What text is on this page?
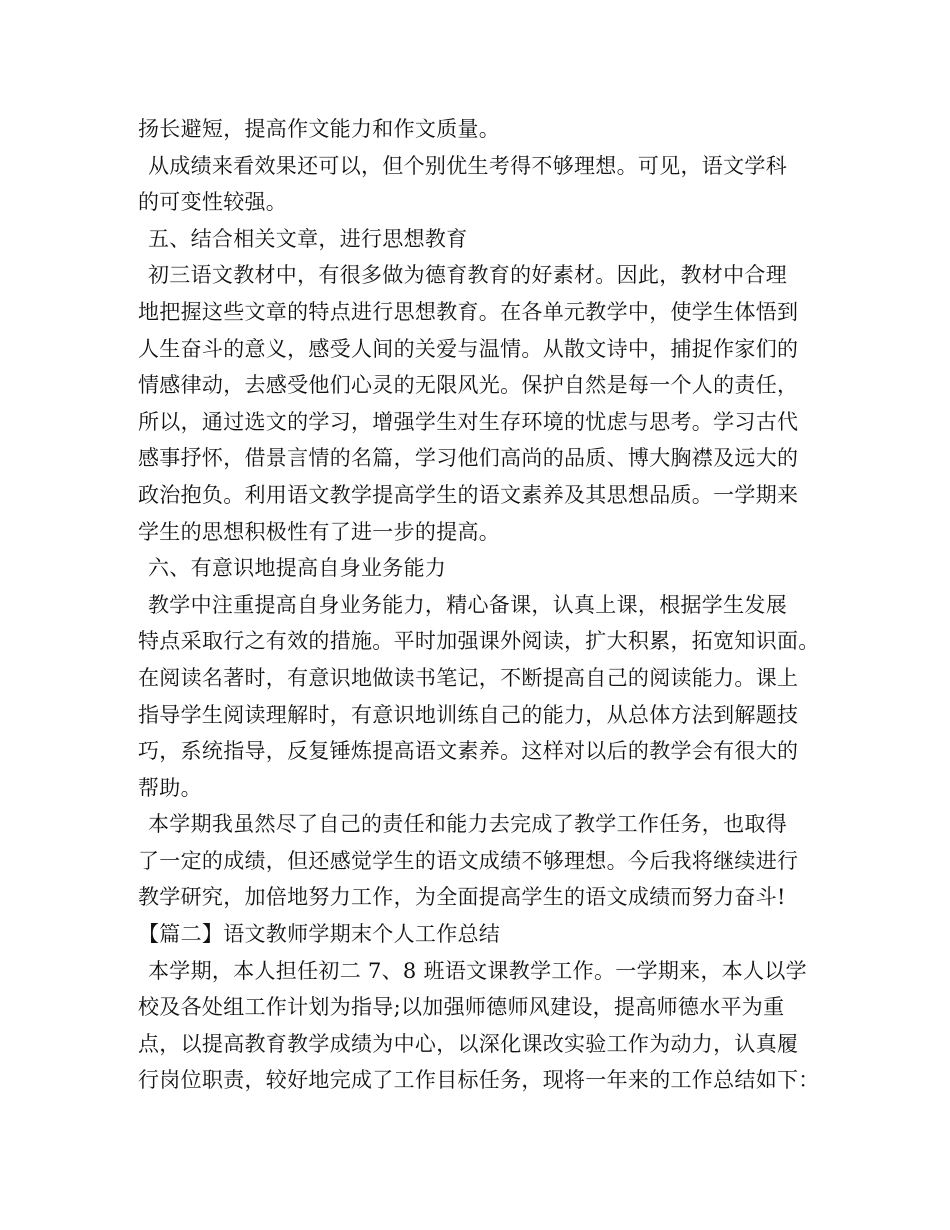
扬长避短，提高作文能力和作文质量。
从成绩来看效果还可以，但个别优生考得不够理想。可见，语文学科
的可变性较强。
五、结合相关文章，进行思想教育
初三语文教材中，有很多做为德育教育的好素材。因此，教材中合理
地把握这些文章的特点进行思想教育。在各单元教学中，使学生体悟到
人生奋斗的意义，感受人间的关爱与温情。从散文诗中，捕捉作家们的
情感律动，去感受他们心灵的无限风光。保护自然是每一个人的责任，
所以，通过选文的学习，增强学生对生存环境的忧虑与思考。学习古代
感事抒怀，借景言情的名篇，学习他们高尚的品质、博大胸襟及远大的
政治抱负。利用语文教学提高学生的语文素养及其思想品质。一学期来
学生的思想积极性有了进一步的提高。
六、有意识地提高自身业务能力
教学中注重提高自身业务能力，精心备课，认真上课，根据学生发展
特点采取行之有效的措施。平时加强课外阅读，扩大积累，拓宽知识面。
在阅读名著时，有意识地做读书笔记，不断提高自己的阅读能力。课上
指导学生阅读理解时，有意识地训练自己的能力，从总体方法到解题技
巧，系统指导，反复锤炼提高语文素养。这样对以后的教学会有很大的
帮助。
本学期我虽然尽了自己的责任和能力去完成了教学工作任务，也取得
了一定的成绩，但还感觉学生的语文成绩不够理想。今后我将继续进行
教学研究，加倍地努力工作，为全面提高学生的语文成绩而努力奋斗!
【篇二】语文教师学期末个人工作总结
本学期，本人担任初二 7、8 班语文课教学工作。一学期来，本人以学
校及各处组工作计划为指导;以加强师德师风建设，提高师德水平为重
点，以提高教育教学成绩为中心，以深化课改实验工作为动力，认真履
行岗位职责，较好地完成了工作目标任务，现将一年来的工作总结如下：
